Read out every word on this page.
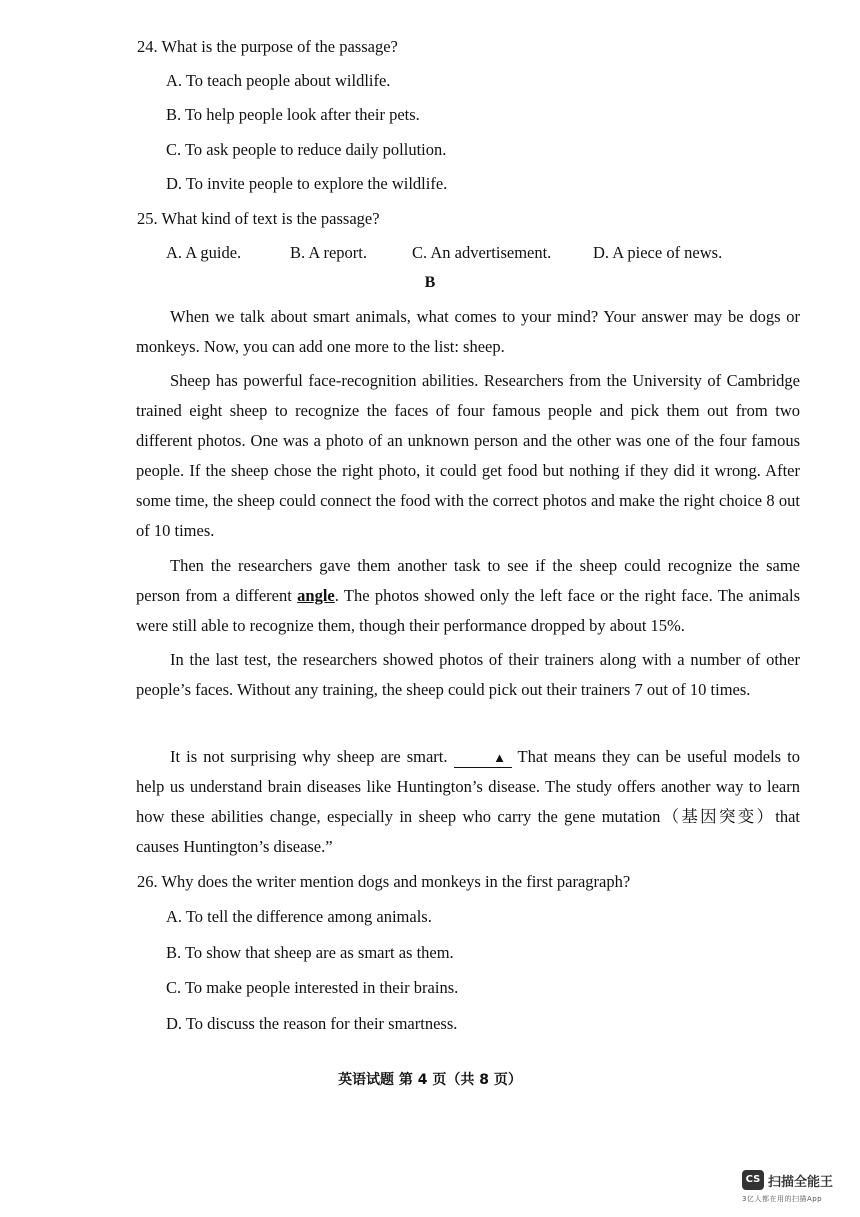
24. What is the purpose of the passage?
A. To teach people about wildlife.
B. To help people look after their pets.
C. To ask people to reduce daily pollution.
D. To invite people to explore the wildlife.
25. What kind of text is the passage?
A. A guide.	B. A report.	C. An advertisement.	D. A piece of news.
B

When we talk about smart animals, what comes to your mind? Your answer may be dogs or monkeys. Now, you can add one more to the list: sheep.

Sheep has powerful face-recognition abilities. Researchers from the University of Cambridge trained eight sheep to recognize the faces of four famous people and pick them out from two different photos. One was a photo of an unknown person and the other was one of the four famous people. If the sheep chose the right photo, it could get food but nothing if they did it wrong. After some time, the sheep could connect the food with the correct photos and make the right choice 8 out of 10 times.

Then the researchers gave them another task to see if the sheep could recognize the same person from a different angle. The photos showed only the left face or the right face. The animals were still able to recognize them, though their performance dropped by about 15%.

In the last test, the researchers showed photos of their trainers along with a number of other people’s faces. Without any training, the sheep could pick out their trainers 7 out of 10 times.

It is not surprising why sheep are smart.	▲ That means they can be useful models to help us understand brain diseases like Huntington’s disease. The study offers another way to learn how these abilities change, especially in sheep who carry the gene mutation（基因突变）that causes Huntington’s disease.”

26. Why does the writer mention dogs and monkeys in the first paragraph?
A. To tell the difference among animals.
B. To show that sheep are as smart as them.
C. To make people interested in their brains.
D. To discuss the reason for their smartness.
英语试题 第 4 页（共 8 页）
CS 扫描全能王
3亿人都在用的扫描App
